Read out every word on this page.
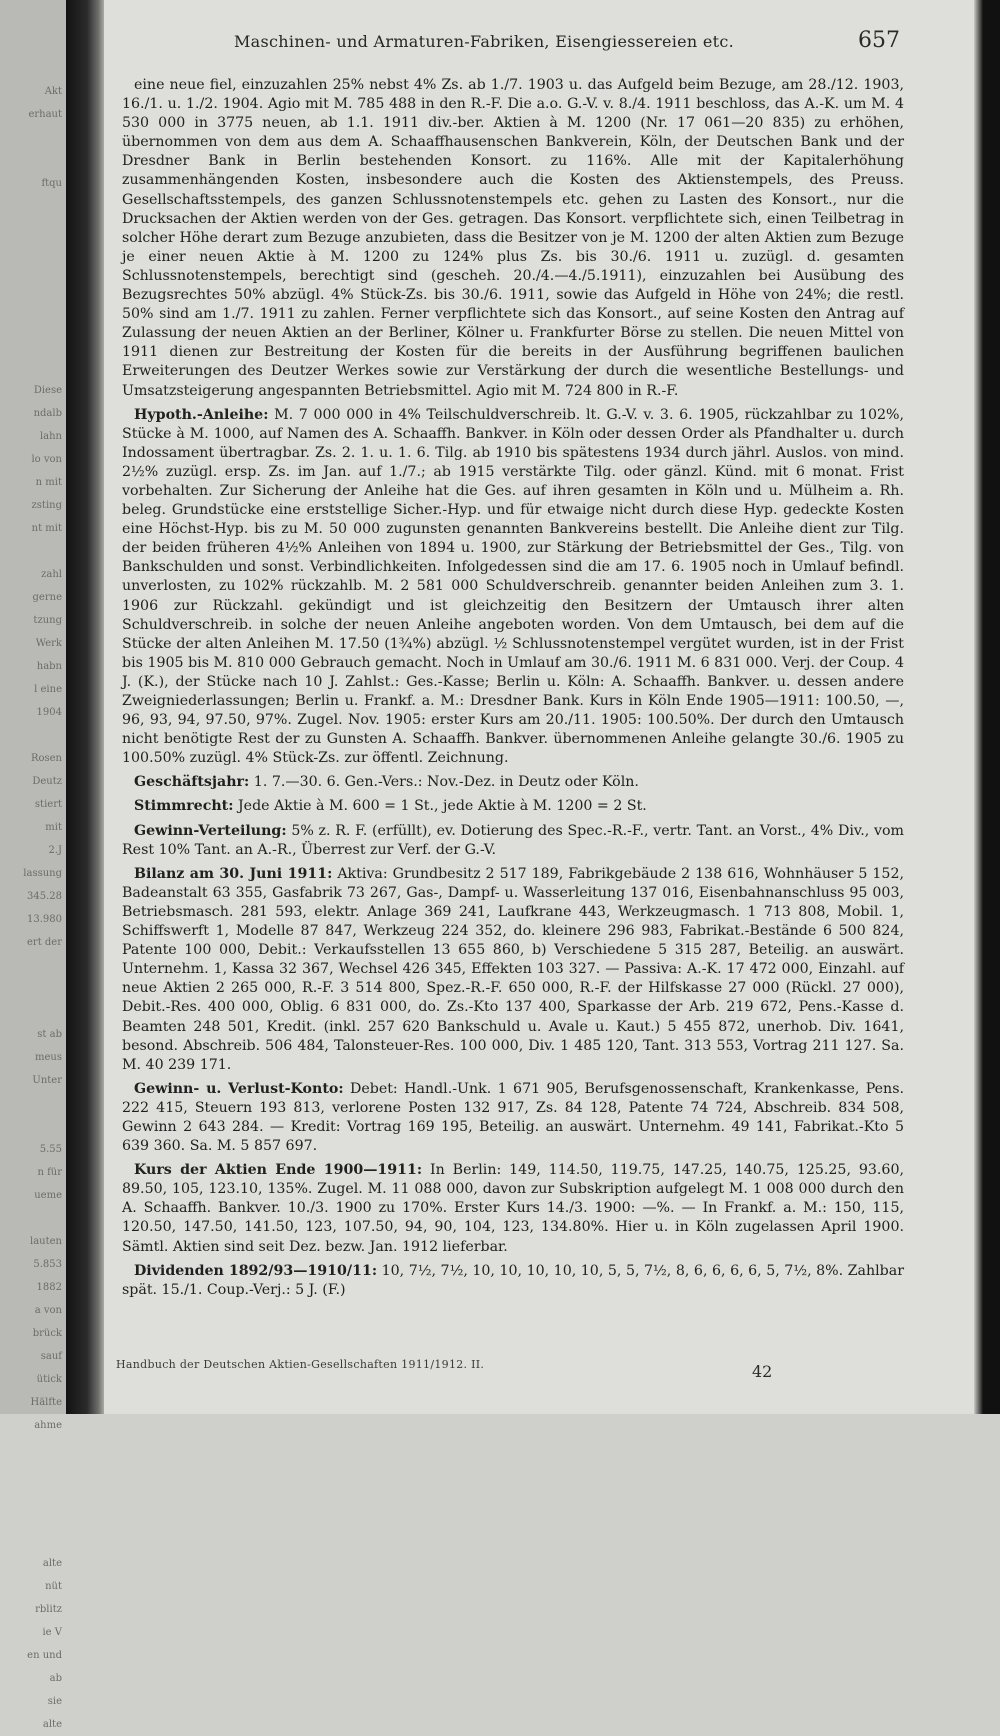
Akt
erhaut

ftqu

Diese
ndalb
lahn
lo von
n mit
zsting
nt mit

zahl
gerne
tzung
Werk
habn
l eine
1904

Rosen
Deutz
stiert
mit
2.J
lassung
345.28
13.980
ert der

st ab
meus
Unter

5.55
n für
ueme

lauten
5.853
1882
a von
brück
sauf
ütick
Hälfte
ahme

alte
nüt
rblitz
ie V
en und
ab
sie
alte
Maschinen- und Armaturen-Fabriken, Eisengiessereien etc.	657

eine neue fiel, einzuzahlen 25% nebst 4% Zs. ab 1./7. 1903 u. das Aufgeld beim Bezuge, am 28./12. 1903, 16./1. u. 1./2. 1904. Agio mit M. 785 488 in den R.-F. Die a.o. G.-V. v. 8./4. 1911 beschloss, das A.-K. um M. 4 530 000 in 3775 neuen, ab 1.1. 1911 div.-ber. Aktien à M. 1200 (Nr. 17 061—20 835) zu erhöhen, übernommen von dem aus dem A. Schaaffhausenschen Bankverein, Köln, der Deutschen Bank und der Dresdner Bank in Berlin bestehenden Konsort. zu 116%. Alle mit der Kapitalerhöhung zusammenhängenden Kosten, insbesondere auch die Kosten des Aktienstempels, des Preuss. Gesellschaftsstempels, des ganzen Schlussnotenstempels etc. gehen zu Lasten des Konsort., nur die Drucksachen der Aktien werden von der Ges. getragen. Das Konsort. verpflichtete sich, einen Teilbetrag in solcher Höhe derart zum Bezuge anzubieten, dass die Besitzer von je M. 1200 der alten Aktien zum Bezuge je einer neuen Aktie à M. 1200 zu 124% plus Zs. bis 30./6. 1911 u. zuzügl. d. gesamten Schlussnotenstempels, berechtigt sind (gescheh. 20./4.—4./5.1911), einzuzahlen bei Ausübung des Bezugsrechtes 50% abzügl. 4% Stück-Zs. bis 30./6. 1911, sowie das Aufgeld in Höhe von 24%; die restl. 50% sind am 1./7. 1911 zu zahlen. Ferner verpflichtete sich das Konsort., auf seine Kosten den Antrag auf Zulassung der neuen Aktien an der Berliner, Kölner u. Frankfurter Börse zu stellen. Die neuen Mittel von 1911 dienen zur Bestreitung der Kosten für die bereits in der Ausführung begriffenen baulichen Erweiterungen des Deutzer Werkes sowie zur Verstärkung der durch die wesentliche Bestellungs- und Umsatzsteigerung angespannten Betriebsmittel. Agio mit M. 724 800 in R.-F.

Hypoth.-Anleihe: M. 7 000 000 in 4% Teilschuldverschreib. lt. G.-V. v. 3. 6. 1905, rückzahlbar zu 102%, Stücke à M. 1000, auf Namen des A. Schaaffh. Bankver. in Köln oder dessen Order als Pfandhalter u. durch Indossament übertragbar. Zs. 2. 1. u. 1. 6. Tilg. ab 1910 bis spätestens 1934 durch jährl. Auslos. von mind. 2½% zuzügl. ersp. Zs. im Jan. auf 1./7.; ab 1915 verstärkte Tilg. oder gänzl. Künd. mit 6 monat. Frist vorbehalten. Zur Sicherung der Anleihe hat die Ges. auf ihren gesamten in Köln und u. Mülheim a. Rh. beleg. Grundstücke eine erststellige Sicher.-Hyp. und für etwaige nicht durch diese Hyp. gedeckte Kosten eine Höchst-Hyp. bis zu M. 50 000 zugunsten genannten Bankvereins bestellt. Die Anleihe dient zur Tilg. der beiden früheren 4½% Anleihen von 1894 u. 1900, zur Stärkung der Betriebsmittel der Ges., Tilg. von Bankschulden und sonst. Verbindlichkeiten. Infolgedessen sind die am 17. 6. 1905 noch in Umlauf befindl. unverlosten, zu 102% rückzahlb. M. 2 581 000 Schuldverschreib. genannter beiden Anleihen zum 3. 1. 1906 zur Rückzahl. gekündigt und ist gleichzeitig den Besitzern der Umtausch ihrer alten Schuldverschreib. in solche der neuen Anleihe angeboten worden. Von dem Umtausch, bei dem auf die Stücke der alten Anleihen M. 17.50 (1¾%) abzügl. ½ Schlussnotenstempel vergütet wurden, ist in der Frist bis 1905 bis M. 810 000 Gebrauch gemacht. Noch in Umlauf am 30./6. 1911 M. 6 831 000. Verj. der Coup. 4 J. (K.), der Stücke nach 10 J. Zahlst.: Ges.-Kasse; Berlin u. Köln: A. Schaaffh. Bankver. u. dessen andere Zweigniederlassungen; Berlin u. Frankf. a. M.: Dresdner Bank. Kurs in Köln Ende 1905—1911: 100.50, —, 96, 93, 94, 97.50, 97%. Zugel. Nov. 1905: erster Kurs am 20./11. 1905: 100.50%. Der durch den Umtausch nicht benötigte Rest der zu Gunsten A. Schaaffh. Bankver. übernommenen Anleihe gelangte 30./6. 1905 zu 100.50% zuzügl. 4% Stück-Zs. zur öffentl. Zeichnung.

Geschäftsjahr: 1. 7.—30. 6. Gen.-Vers.: Nov.-Dez. in Deutz oder Köln.

Stimmrecht: Jede Aktie à M. 600 = 1 St., jede Aktie à M. 1200 = 2 St.

Gewinn-Verteilung: 5% z. R. F. (erfüllt), ev. Dotierung des Spec.-R.-F., vertr. Tant. an Vorst., 4% Div., vom Rest 10% Tant. an A.-R., Überrest zur Verf. der G.-V.

Bilanz am 30. Juni 1911: Aktiva: Grundbesitz 2 517 189, Fabrikgebäude 2 138 616, Wohnhäuser 5 152, Badeanstalt 63 355, Gasfabrik 73 267, Gas-, Dampf- u. Wasserleitung 137 016, Eisenbahnanschluss 95 003, Betriebsmasch. 281 593, elektr. Anlage 369 241, Laufkrane 443, Werkzeugmasch. 1 713 808, Mobil. 1, Schiffswerft 1, Modelle 87 847, Werkzeug 224 352, do. kleinere 296 983, Fabrikat.-Bestände 6 500 824, Patente 100 000, Debit.: Verkaufsstellen 13 655 860, b) Verschiedene 5 315 287, Beteilig. an auswärt. Unternehm. 1, Kassa 32 367, Wechsel 426 345, Effekten 103 327. — Passiva: A.-K. 17 472 000, Einzahl. auf neue Aktien 2 265 000, R.-F. 3 514 800, Spez.-R.-F. 650 000, R.-F. der Hilfskasse 27 000 (Rückl. 27 000), Debit.-Res. 400 000, Oblig. 6 831 000, do. Zs.-Kto 137 400, Sparkasse der Arb. 219 672, Pens.-Kasse d. Beamten 248 501, Kredit. (inkl. 257 620 Bankschuld u. Avale u. Kaut.) 5 455 872, unerhob. Div. 1641, besond. Abschreib. 506 484, Talonsteuer-Res. 100 000, Div. 1 485 120, Tant. 313 553, Vortrag 211 127. Sa. M. 40 239 171.

Gewinn- u. Verlust-Konto: Debet: Handl.-Unk. 1 671 905, Berufsgenossenschaft, Krankenkasse, Pens. 222 415, Steuern 193 813, verlorene Posten 132 917, Zs. 84 128, Patente 74 724, Abschreib. 834 508, Gewinn 2 643 284. — Kredit: Vortrag 169 195, Beteilig. an auswärt. Unternehm. 49 141, Fabrikat.-Kto 5 639 360. Sa. M. 5 857 697.

Kurs der Aktien Ende 1900—1911: In Berlin: 149, 114.50, 119.75, 147.25, 140.75, 125.25, 93.60, 89.50, 105, 123.10, 135%. Zugel. M. 11 088 000, davon zur Subskription aufgelegt M. 1 008 000 durch den A. Schaaffh. Bankver. 10./3. 1900 zu 170%. Erster Kurs 14./3. 1900: —%. — In Frankf. a. M.: 150, 115, 120.50, 147.50, 141.50, 123, 107.50, 94, 90, 104, 123, 134.80%. Hier u. in Köln zugelassen April 1900. Sämtl. Aktien sind seit Dez. bezw. Jan. 1912 lieferbar.

Dividenden 1892/93—1910/11: 10, 7½, 7½, 10, 10, 10, 10, 10, 5, 5, 7½, 8, 6, 6, 6, 6, 5, 7½, 8%. Zahlbar spät. 15./1. Coup.-Verj.: 5 J. (F.)

Handbuch der Deutschen Aktien-Gesellschaften 1911/1912. II.	42
